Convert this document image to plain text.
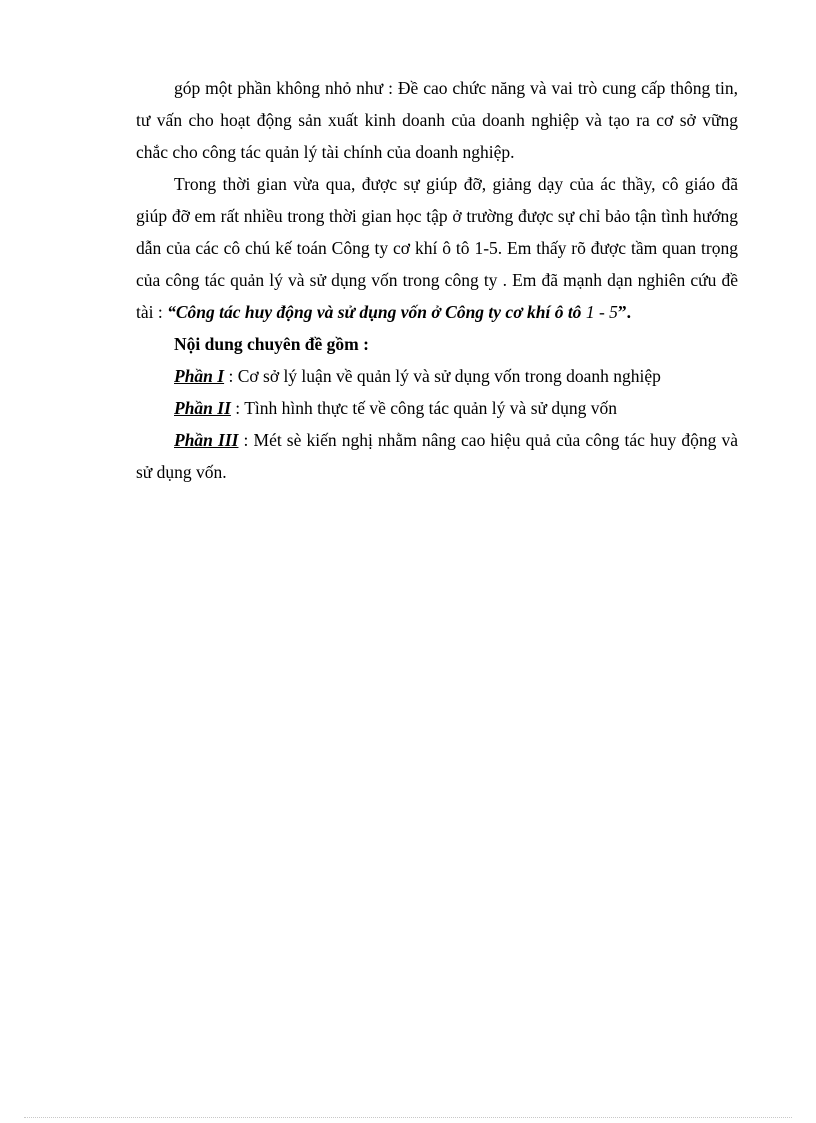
góp một phần không nhỏ như : Đề cao chức năng và vai trò cung cấp thông tin, tư vấn cho hoạt động sản xuất kinh doanh của doanh nghiệp và tạo ra cơ sở vững chắc cho công tác quản lý tài chính của doanh nghiệp.

Trong thời gian vừa qua, được sự giúp đỡ, giảng dạy của ác thầy, cô giáo đã giúp đỡ em rất nhiều trong thời gian học tập ở trường được sự chỉ bảo tận tình hướng dẫn của các cô chú kế toán Công ty cơ khí ô tô 1-5. Em thấy rõ được tầm quan trọng của công tác quản lý và sử dụng vốn trong công ty . Em đã mạnh dạn nghiên cứu đề tài : “Công tác huy động và sử dụng vốn ở Công ty cơ khí ô tô 1 - 5”.

Nội dung chuyên đề gồm :

Phần I : Cơ sở lý luận về quản lý và sử dụng vốn trong doanh nghiệp

Phần II : Tình hình thực tế về công tác quản lý và sử dụng vốn

Phần III : Mét sè kiến nghị nhằm nâng cao hiệu quả của công tác huy động và sử dụng vốn.
